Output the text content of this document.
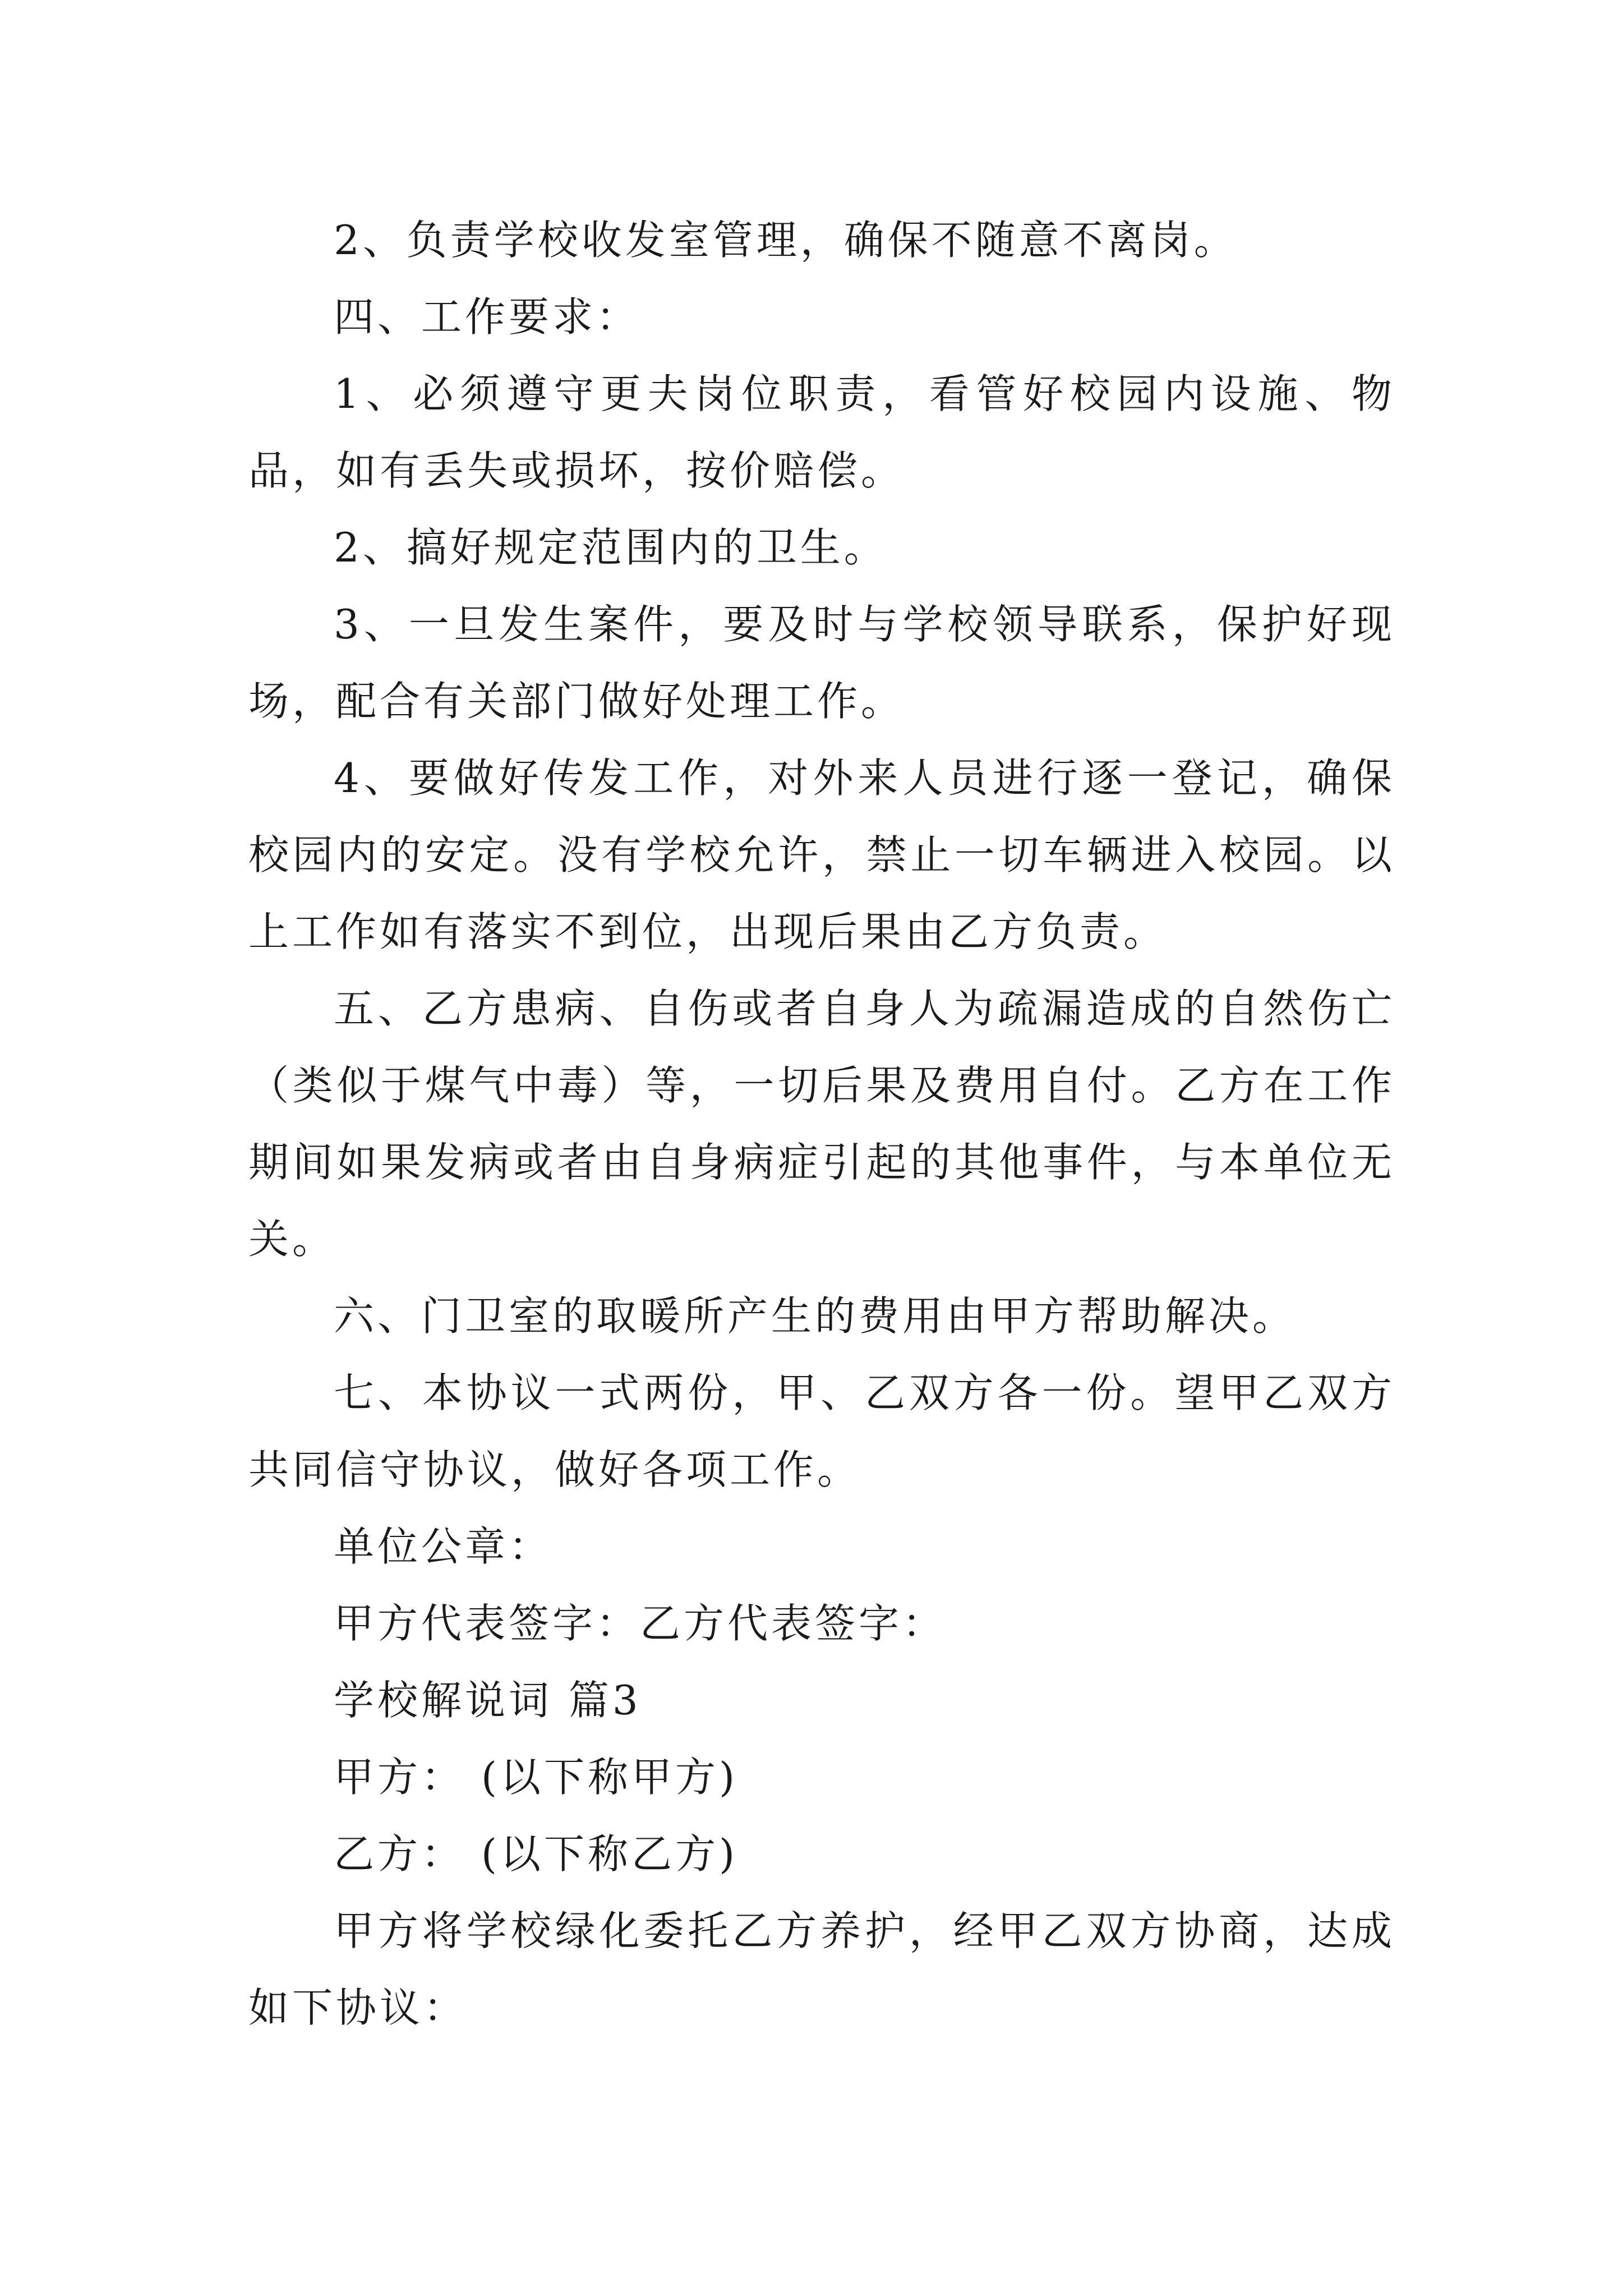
2、负责学校收发室管理，确保不随意不离岗。

四、工作要求：

1、必须遵守更夫岗位职责，看管好校园内设施、物品，如有丢失或损坏，按价赔偿。

2、搞好规定范围内的卫生。

3、一旦发生案件，要及时与学校领导联系，保护好现场，配合有关部门做好处理工作。

4、要做好传发工作，对外来人员进行逐一登记，确保校园内的安定。没有学校允许，禁止一切车辆进入校园。以上工作如有落实不到位，出现后果由乙方负责。

五、乙方患病、自伤或者自身人为疏漏造成的自然伤亡（类似于煤气中毒）等，一切后果及费用自付。乙方在工作期间如果发病或者由自身病症引起的其他事件，与本单位无关。

六、门卫室的取暖所产生的费用由甲方帮助解决。

七、本协议一式两份，甲、乙双方各一份。望甲乙双方共同信守协议，做好各项工作。

单位公章：

甲方代表签字：乙方代表签字：

学校解说词 篇3

甲方： (以下称甲方)

乙方： (以下称乙方)

甲方将学校绿化委托乙方养护，经甲乙双方协商，达成如下协议：
